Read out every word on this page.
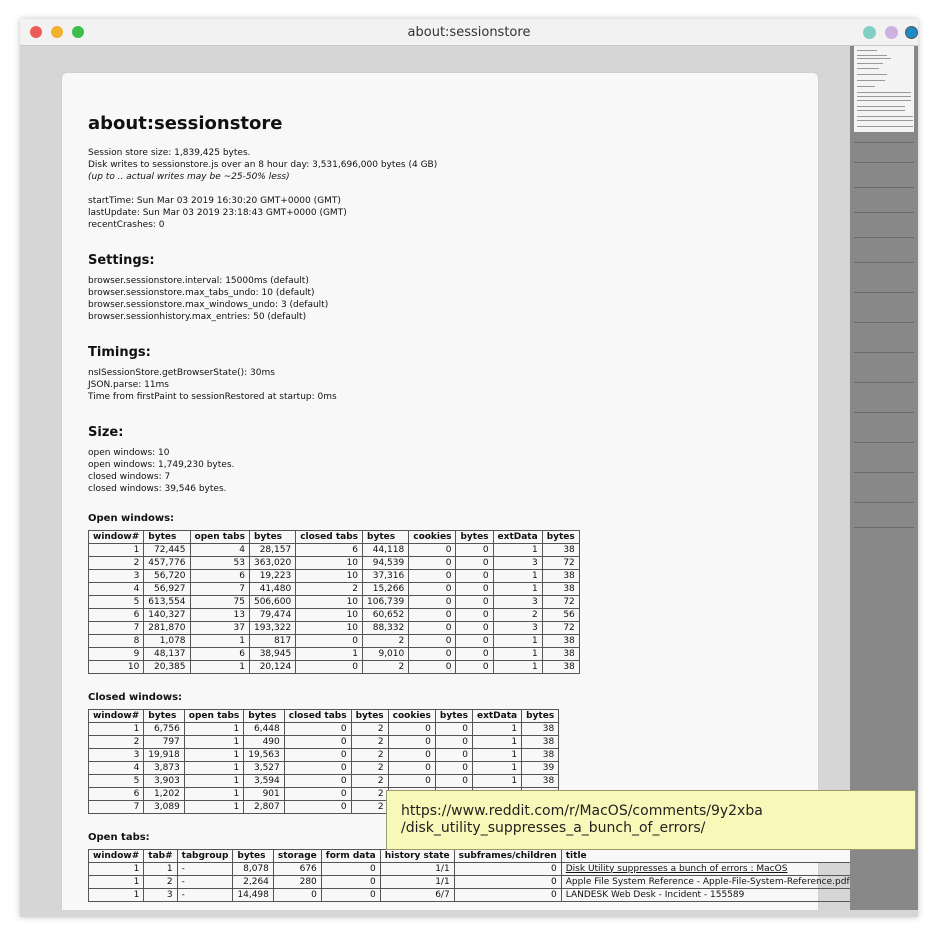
about:sessionstore
about:sessionstore
Session store size: 1,839,425 bytes.
Disk writes to sessionstore.js over an 8 hour day: 3,531,696,000 bytes (4 GB)
(up to .. actual writes may be ~25-50% less)
startTime: Sun Mar 03 2019 16:30:20 GMT+0000 (GMT)
lastUpdate: Sun Mar 03 2019 23:18:43 GMT+0000 (GMT)
recentCrashes: 0
Settings:
browser.sessionstore.interval: 15000ms (default)
browser.sessionstore.max_tabs_undo: 10 (default)
browser.sessionstore.max_windows_undo: 3 (default)
browser.sessionhistory.max_entries: 50 (default)
Timings:
nsISessionStore.getBrowserState(): 30ms
JSON.parse: 11ms
Time from firstPaint to sessionRestored at startup: 0ms
Size:
open windows: 10
open windows: 1,749,230 bytes.
closed windows: 7
closed windows: 39,546 bytes.
Open windows:
window#	bytes	open tabs	bytes	closed tabs	bytes	cookies	bytes	extData	bytes
1	72,445	4	28,157	6	44,118	0	0	1	38
2	457,776	53	363,020	10	94,539	0	0	3	72
3	56,720	6	19,223	10	37,316	0	0	1	38
4	56,927	7	41,480	2	15,266	0	0	1	38
5	613,554	75	506,600	10	106,739	0	0	3	72
6	140,327	13	79,474	10	60,652	0	0	2	56
7	281,870	37	193,322	10	88,332	0	0	3	72
8	1,078	1	817	0	2	0	0	1	38
9	48,137	6	38,945	1	9,010	0	0	1	38
10	20,385	1	20,124	0	2	0	0	1	38
Closed windows:
window#	bytes	open tabs	bytes	closed tabs	bytes	cookies	bytes	extData	bytes
1	6,756	1	6,448	0	2	0	0	1	38
2	797	1	490	0	2	0	0	1	38
3	19,918	1	19,563	0	2	0	0	1	38
4	3,873	1	3,527	0	2	0	0	1	39
5	3,903	1	3,594	0	2	0	0	1	38
6	1,202	1	901	0	2				
7	3,089	1	2,807	0	2				
Open tabs:
window#	tab#	tabgroup	bytes	storage	form data	history state	subframes/children	title
1	1	-	8,078	676	0	1/1	0	Disk Utility suppresses a bunch of errors : MacOS
1	2	-	2,264	280	0	1/1	0	Apple File System Reference - Apple-File-System-Reference.pdf
1	3	-	14,498	0	0	6/7	0	LANDESK Web Desk - Incident - 155589
https://www.reddit.com/r/MacOS/comments/9y2xba
/disk_utility_suppresses_a_bunch_of_errors/
